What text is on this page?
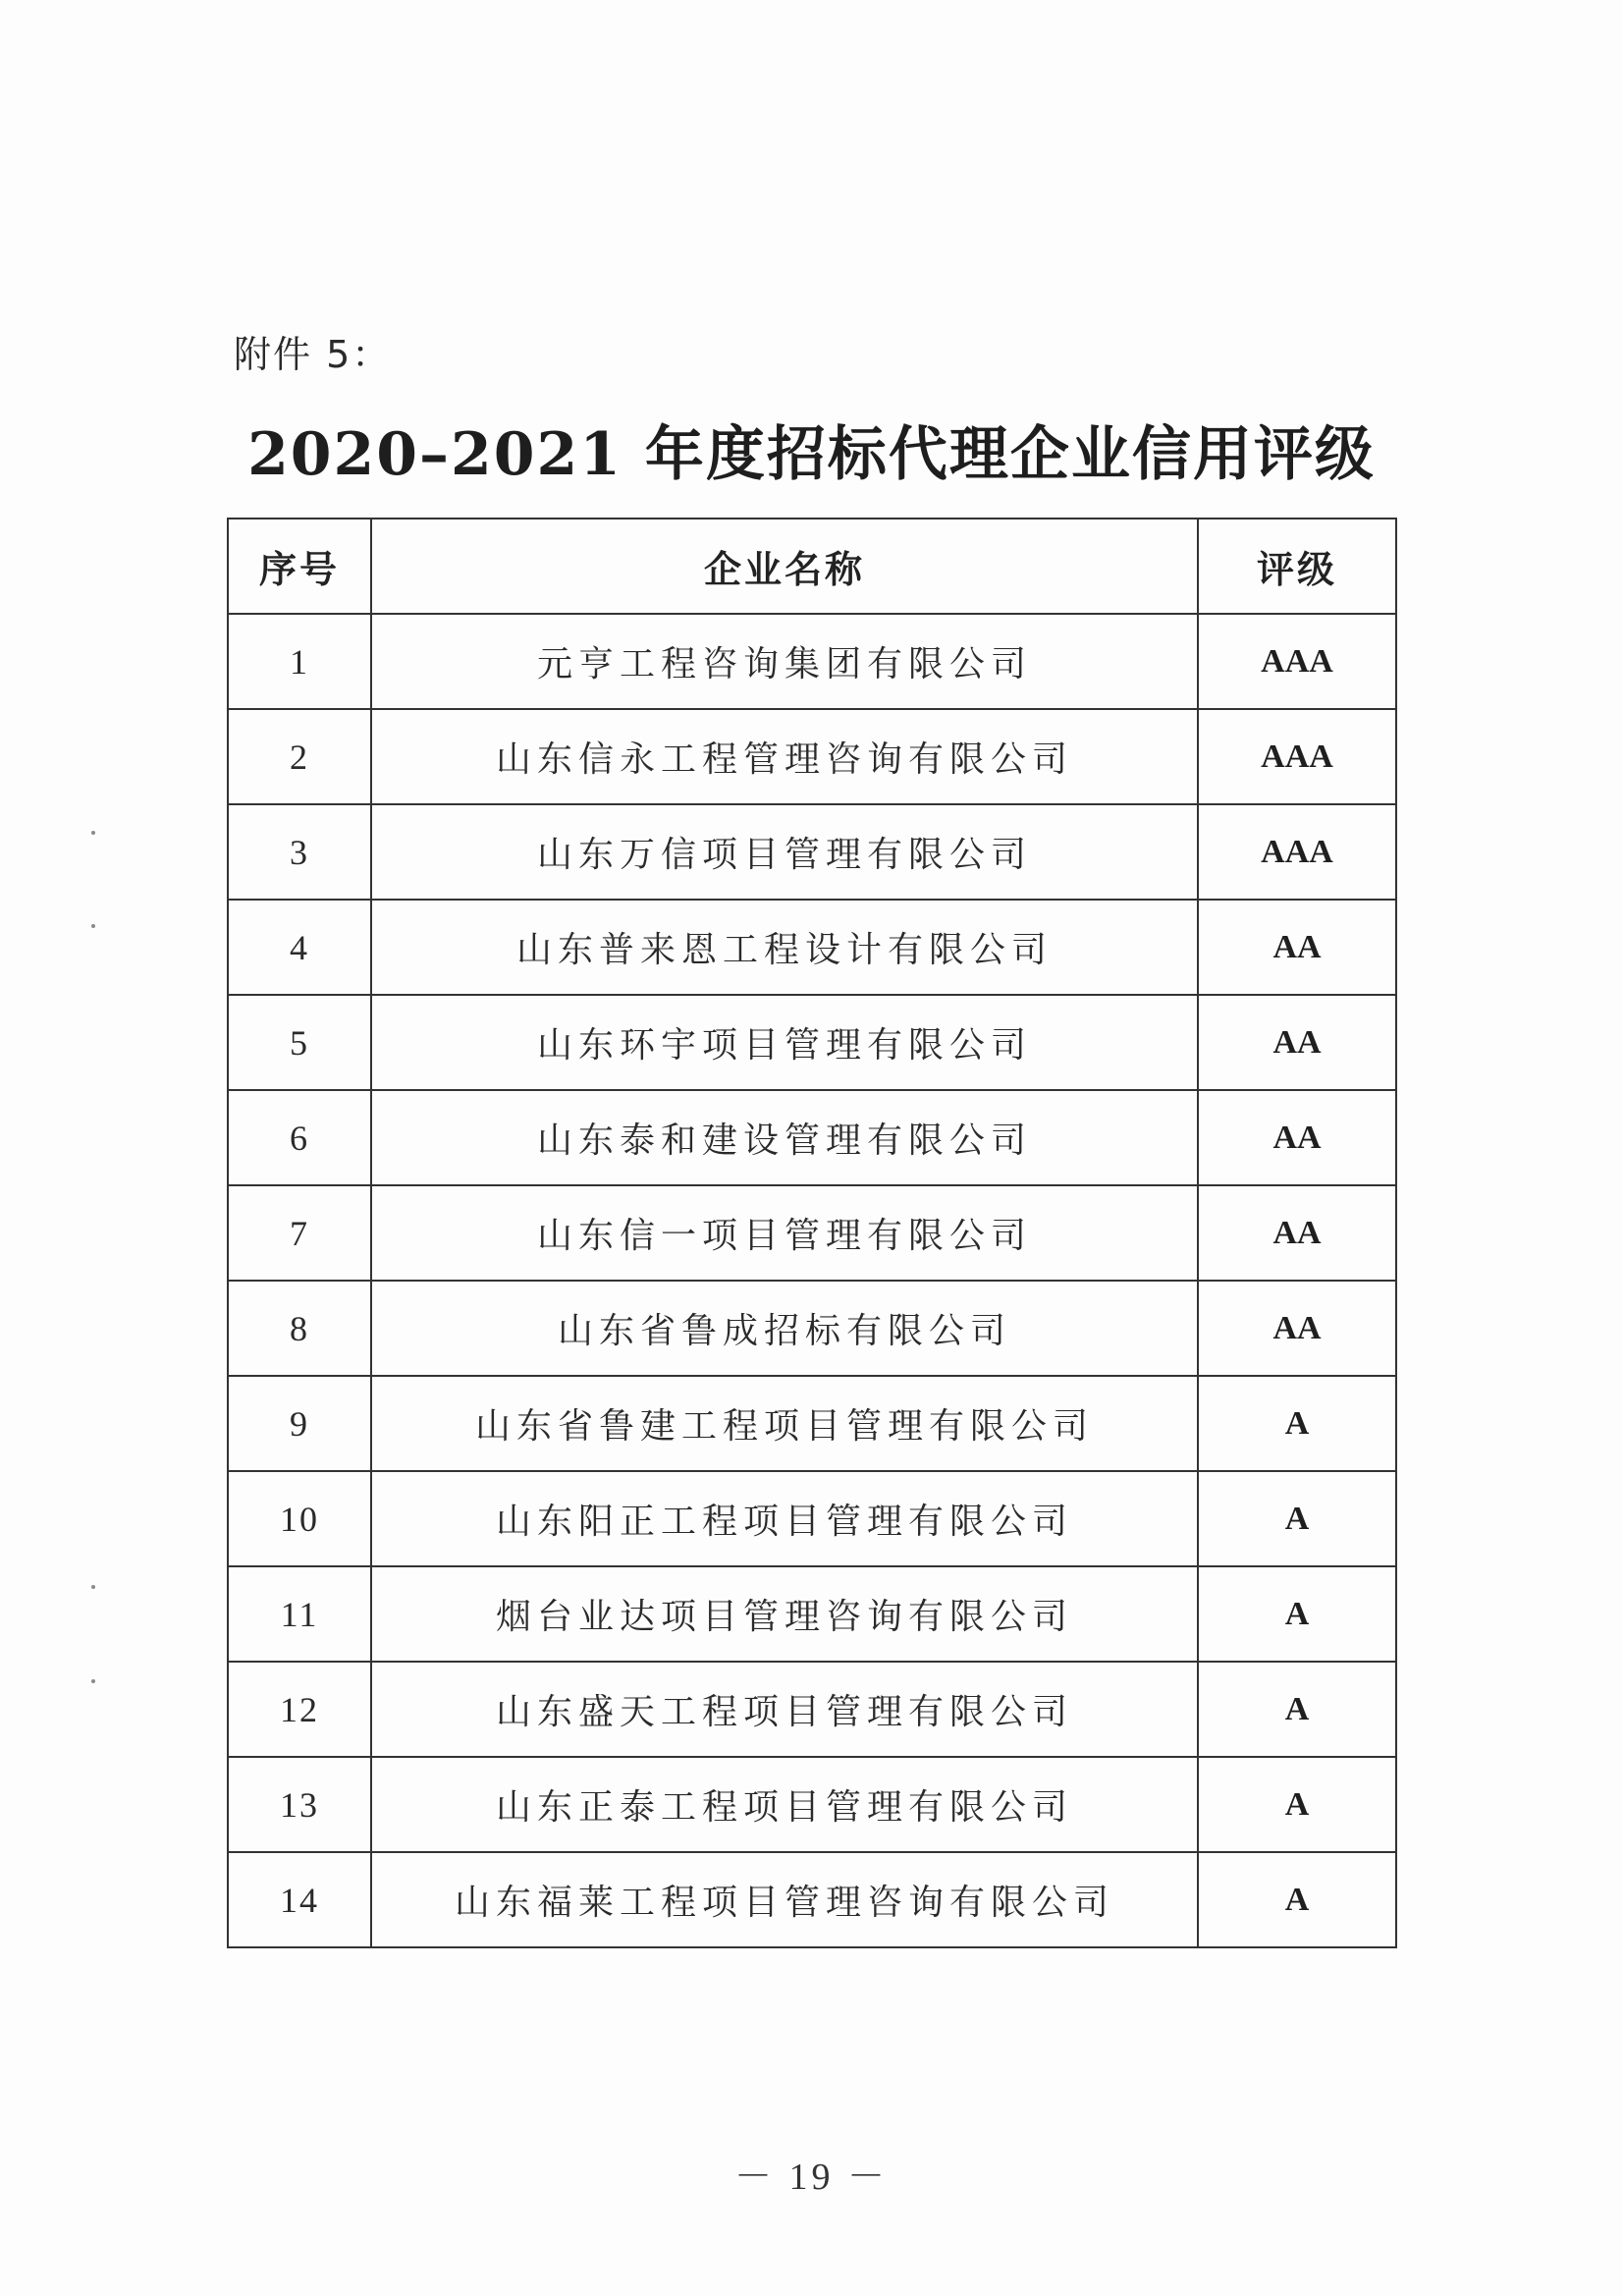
附件 5：
2020–2021 年度招标代理企业信用评级
序号	企业名称	评级
1	元亨工程咨询集团有限公司	AAA
2	山东信永工程管理咨询有限公司	AAA
3	山东万信项目管理有限公司	AAA
4	山东普来恩工程设计有限公司	AA
5	山东环宇项目管理有限公司	AA
6	山东泰和建设管理有限公司	AA
7	山东信一项目管理有限公司	AA
8	山东省鲁成招标有限公司	AA
9	山东省鲁建工程项目管理有限公司	A
10	山东阳正工程项目管理有限公司	A
11	烟台业达项目管理咨询有限公司	A
12	山东盛天工程项目管理有限公司	A
13	山东正泰工程项目管理有限公司	A
14	山东福莱工程项目管理咨询有限公司	A
－ 19 －
